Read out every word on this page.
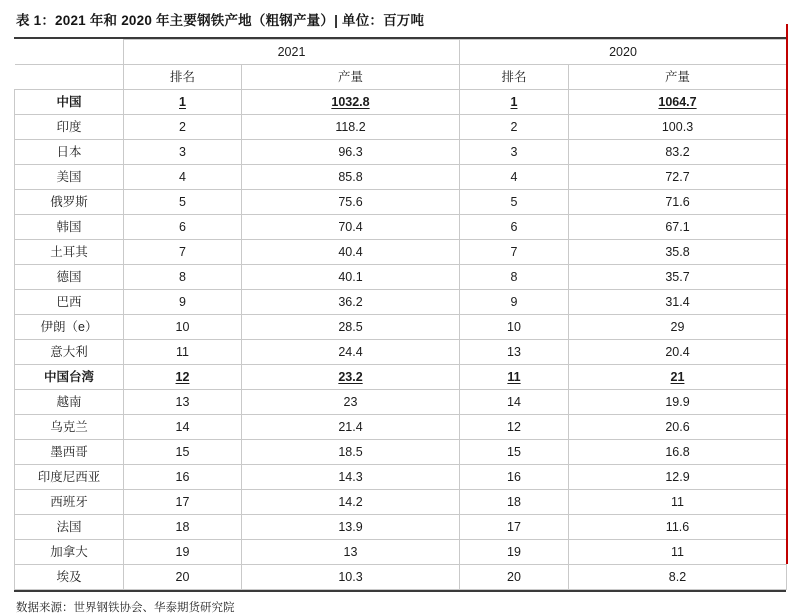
表 1：2021 年和 2020 年主要钢铁产地（粗钢产量）| 单位：百万吨
	2021		2020	
	排名	产量	排名	产量
中国	1	1032.8	1	1064.7
印度	2	118.2	2	100.3
日本	3	96.3	3	83.2
美国	4	85.8	4	72.7
俄罗斯	5	75.6	5	71.6
韩国	6	70.4	6	67.1
土耳其	7	40.4	7	35.8
德国	8	40.1	8	35.7
巴西	9	36.2	9	31.4
伊朗（e）	10	28.5	10	29
意大利	11	24.4	13	20.4
中国台湾	12	23.2	11	21
越南	13	23	14	19.9
乌克兰	14	21.4	12	20.6
墨西哥	15	18.5	15	16.8
印度尼西亚	16	14.3	16	12.9
西班牙	17	14.2	18	11
法国	18	13.9	17	11.6
加拿大	19	13	19	11
埃及	20	10.3	20	8.2
数据来源：世界钢铁协会、华泰期货研究院
